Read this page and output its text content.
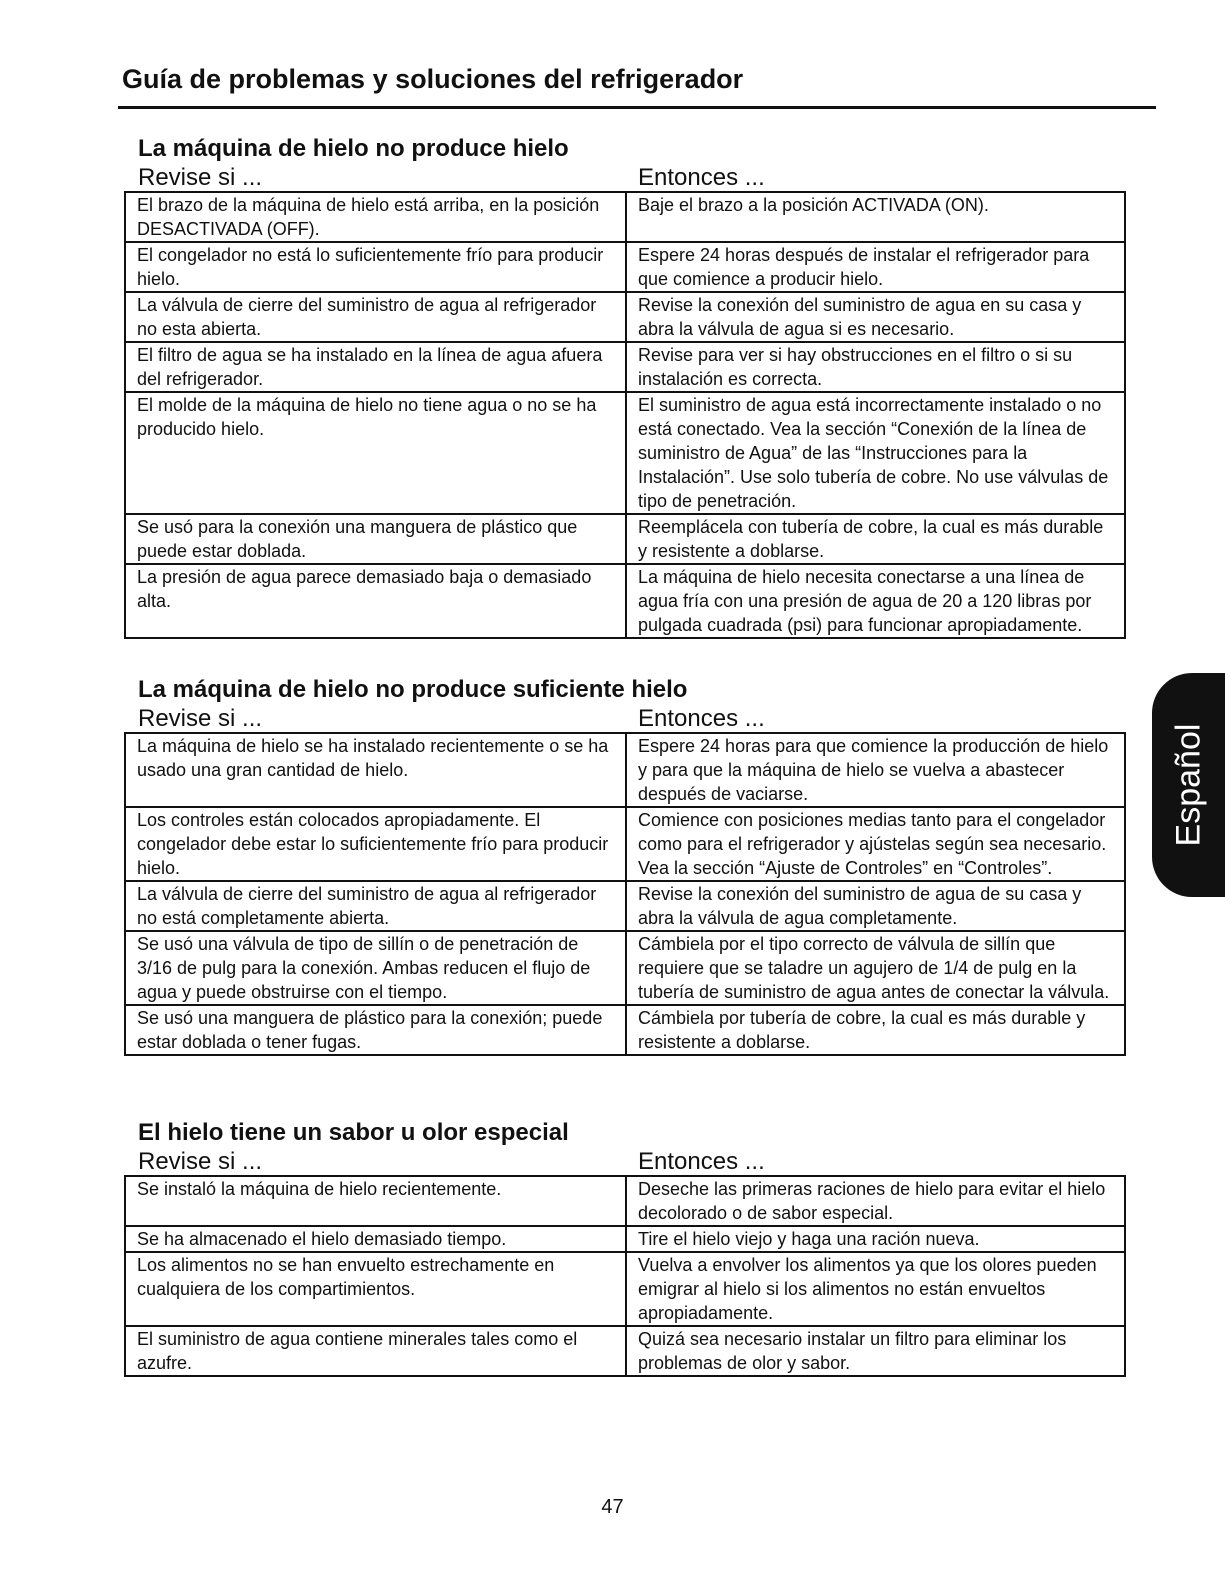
Guía de problemas y soluciones del refrigerador
La máquina de hielo no produce hielo
Revise si ...	Entonces ...
El brazo de la máquina de hielo está arriba, en la posición DESACTIVADA (OFF).	Baje el brazo a la posición ACTIVADA (ON).
El congelador no está lo suficientemente frío para producir hielo.	Espere 24 horas después de instalar el refrigerador para que comience a producir hielo.
La válvula de cierre del suministro de agua al refrigerador no esta abierta.	Revise la conexión del suministro de agua en su casa y abra la válvula de agua si es necesario.
El filtro de agua se ha instalado en la línea de agua afuera del refrigerador.	Revise para ver si hay obstrucciones en el filtro o si su instalación es correcta.
El molde de la máquina de hielo no tiene agua o no se ha producido hielo.	El suministro de agua está incorrectamente instalado o no está conectado. Vea la sección “Conexión de la línea de suministro de Agua” de las “Instrucciones para la Instalación”. Use solo tubería de cobre. No use válvulas de tipo de penetración.
Se usó para la conexión una manguera de plástico que puede estar doblada.	Reemplácela con tubería de cobre, la cual es más durable y resistente a doblarse.
La presión de agua parece demasiado baja o demasiado alta.	La máquina de hielo necesita conectarse a una línea de agua fría con una presión de agua de 20 a 120 libras por pulgada cuadrada (psi) para funcionar apropiadamente.
La máquina de hielo no produce suficiente hielo
Revise si ...	Entonces ...
La máquina de hielo se ha instalado recientemente o se ha usado una gran cantidad de hielo.	Espere 24 horas para que comience la producción de hielo y para que la máquina de hielo se vuelva a abastecer después de vaciarse.
Los controles están colocados apropiadamente. El congelador debe estar lo suficientemente frío para producir hielo.	Comience con posiciones medias tanto para el congelador como para el refrigerador y ajústelas según sea necesario. Vea la sección “Ajuste de Controles” en “Controles”.
La válvula de cierre del suministro de agua al refrigerador no está completamente abierta.	Revise la conexión del suministro de agua de su casa y abra la válvula de agua completamente.
Se usó una válvula de tipo de sillín o de penetración de 3/16 de pulg para la conexión. Ambas reducen el flujo de agua y puede obstruirse con el tiempo.	Cámbiela por el tipo correcto de válvula de sillín que requiere que se taladre un agujero de 1/4 de pulg en la tubería de suministro de agua antes de conectar la válvula.
Se usó una manguera de plástico para la conexión; puede estar doblada o tener fugas.	Cámbiela por tubería de cobre, la cual es más durable y resistente a doblarse.
El hielo tiene un sabor u olor especial
Revise si ...	Entonces ...
Se instaló la máquina de hielo recientemente.	Deseche las primeras raciones de hielo para evitar el hielo decolorado o de sabor especial.
Se ha almacenado el hielo demasiado tiempo.	Tire el hielo viejo y haga una ración nueva.
Los alimentos no se han envuelto estrechamente en cualquiera de los compartimientos.	Vuelva a envolver los alimentos ya que los olores pueden emigrar al hielo si los alimentos no están envueltos apropiadamente.
El suministro de agua contiene minerales tales como el azufre.	Quizá sea necesario instalar un filtro para eliminar los problemas de olor y sabor.
Español
47
